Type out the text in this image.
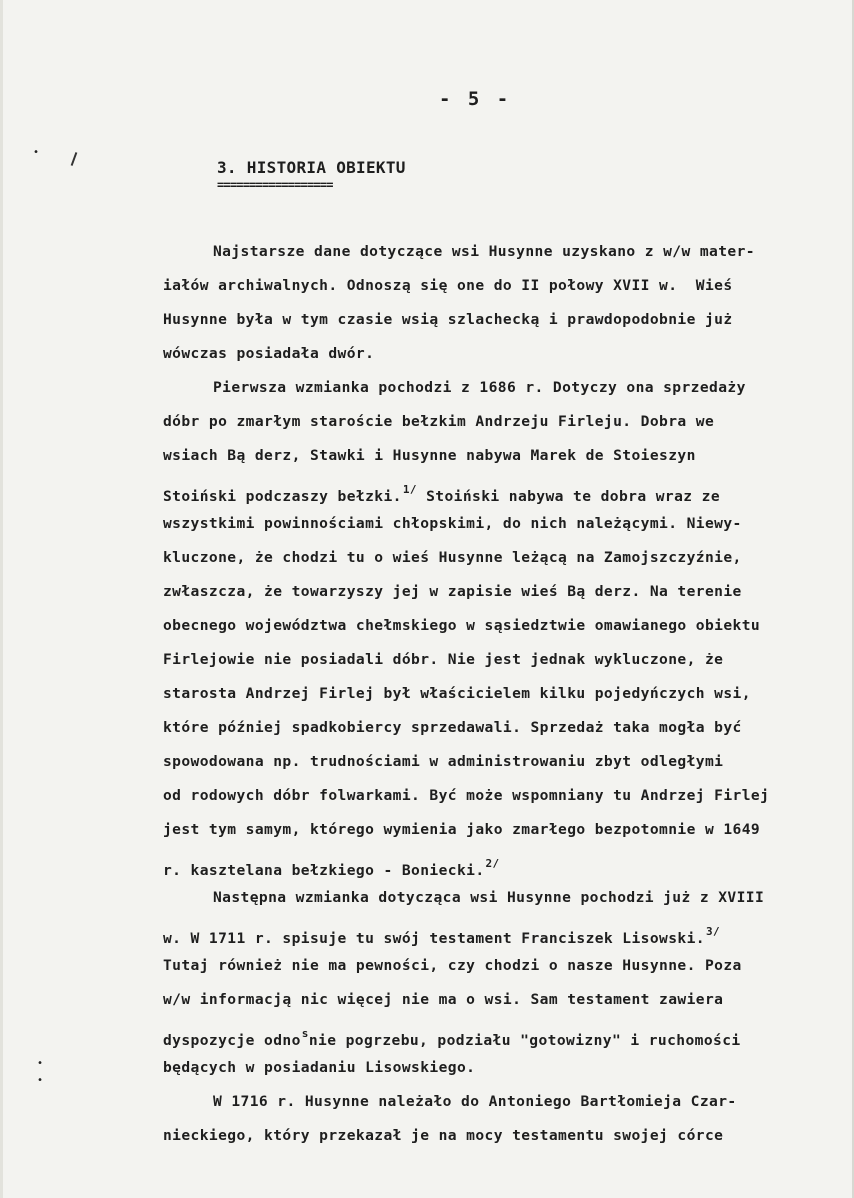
•
•
•
- 5 -
3. HISTORIA OBIEKTU
==================
Najstarsze dane dotyczące wsi Husynne uzyskano z w/w mater-
iałów archiwalnych. Odnoszą się one do II połowy XVII w.  Wieś
Husynne była w tym czasie wsią szlachecką i prawdopodobnie już
wówczas posiadała dwór.
Pierwsza wzmianka pochodzi z 1686 r. Dotyczy ona sprzedaży
dóbr po zmarłym staroście bełzkim Andrzeju Firleju. Dobra we
wsiach Bą derz, Stawki i Husynne nabywa Marek de Stoieszyn
Stoiński podczaszy bełzki.$^{1/}$ Stoiński nabywa te dobra wraz ze
wszystkimi powinnościami chłopskimi, do nich należącymi. Niewy-
kluczone, że chodzi tu o wieś Husynne leżącą na Zamojszczyźnie,
zwłaszcza, że towarzyszy jej w zapisie wieś Bą derz. Na terenie
obecnego województwa chełmskiego w sąsiedztwie omawianego obiektu
Firlejowie nie posiadali dóbr. Nie jest jednak wykluczone, że
starosta Andrzej Firlej był właścicielem kilku pojedyńczych wsi,
które później spadkobiercy sprzedawali. Sprzedaż taka mogła być
spowodowana np. trudnościami w administrowaniu zbyt odległymi
od rodowych dóbr folwarkami. Być może wspomniany tu Andrzej Firlej
jest tym samym, którego wymienia jako zmarłego bezpotomnie w 1649
r. kasztelana bełzkiego - Boniecki.$^{2/}$
Następna wzmianka dotycząca wsi Husynne pochodzi już z XVIII
w. W 1711 r. spisuje tu swój testament Franciszek Lisowski.$^{3/}$
Tutaj również nie ma pewności, czy chodzi o nasze Husynne. Poza
w/w informacją nic więcej nie ma o wsi. Sam testament zawiera
dyspozycje odno$^s$nie pogrzebu, podziału "gotowizny" i ruchomości
będących w posiadaniu Lisowskiego.
W 1716 r. Husynne należało do Antoniego Bartłomieja Czar-
nieckiego, który przekazał je na mocy testamentu swojej córce
